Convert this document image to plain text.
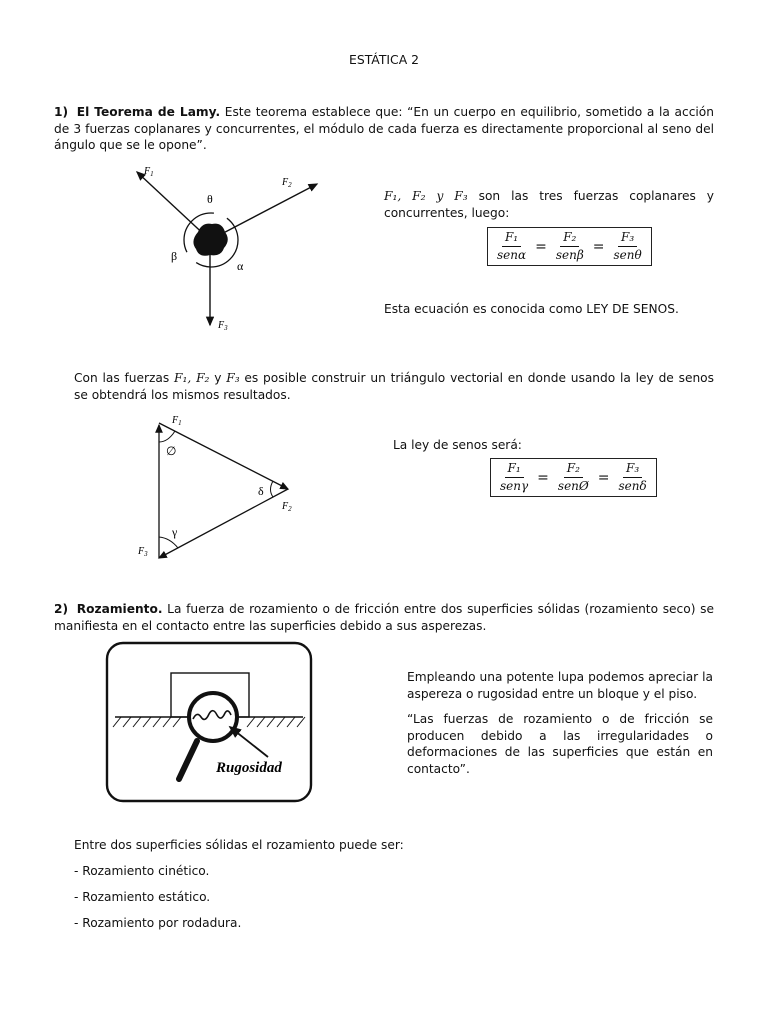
ESTÁTICA 2
1) El Teorema de Lamy. Este teorema establece que: “En un cuerpo en equilibrio, sometido a la acción de 3 fuerzas coplanares y concurrentes, el módulo de cada fuerza es directamente proporcional al seno del ángulo que se le opone”.
$F_1$
$F_2$
$F_3$
θ
β
α
F₁, F₂ y F₃ son las tres fuerzas coplanares y concurrentes, luego:
$\frac{\text{F₁}}{\text{senα}} = \frac{\text{F₂}}{\text{senβ}} = \frac{\text{F₃}}{\text{senθ}}$
Esta ecuación es conocida como LEY DE SENOS.
Con las fuerzas F₁, F₂ y F₃ es posible construir un triángulo vectorial en donde usando la ley de senos se obtendrá los mismos resultados.
$F_1$
$F_2$
$F_3$
∅
δ
γ
La ley de senos será:
$\frac{\text{F₁}}{\text{senγ}} = \frac{\text{F₂}}{\text{senØ}} = \frac{\text{F₃}}{\text{senδ}}$
2) Rozamiento. La fuerza de rozamiento o de fricción entre dos superficies sólidas (rozamiento seco) se manifiesta en el contacto entre las superficies debido a sus asperezas.
Rugosidad
Empleando una potente lupa podemos apreciar la aspereza o rugosidad entre un bloque y el piso.
“Las fuerzas de rozamiento o de fricción se producen debido a las irregularidades o deformaciones de las superficies que están en contacto”.
Entre dos superficies sólidas el rozamiento puede ser:
- Rozamiento cinético.
- Rozamiento estático.
- Rozamiento por rodadura.
